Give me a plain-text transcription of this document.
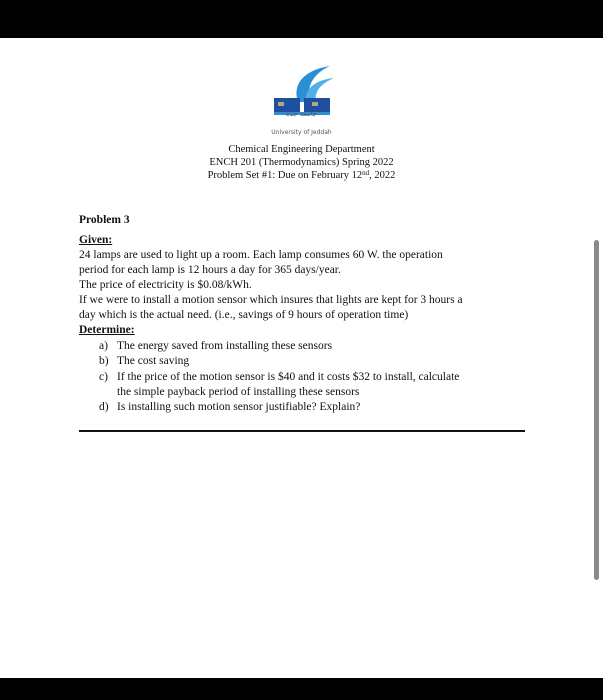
جامعة جدة
University of Jeddah
Chemical Engineering Department
ENCH 201 (Thermodynamics) Spring 2022
Problem Set #1: Due on February 12nd, 2022
Problem 3
Given:
24 lamps are used to light up a room. Each lamp consumes 60 W. the operation
period for each lamp is 12 hours a day for 365 days/year.
The price of electricity is $0.08/kWh.
If we were to install a motion sensor which insures that lights are kept for 3 hours a
day which is the actual need. (i.e., savings of 9 hours of operation time)
Determine:
a) The energy saved from installing these sensors
b) The cost saving
c) If the price of the motion sensor is $40 and it costs $32 to install, calculate
the simple payback period of installing these sensors
d) Is installing such motion sensor justifiable? Explain?
